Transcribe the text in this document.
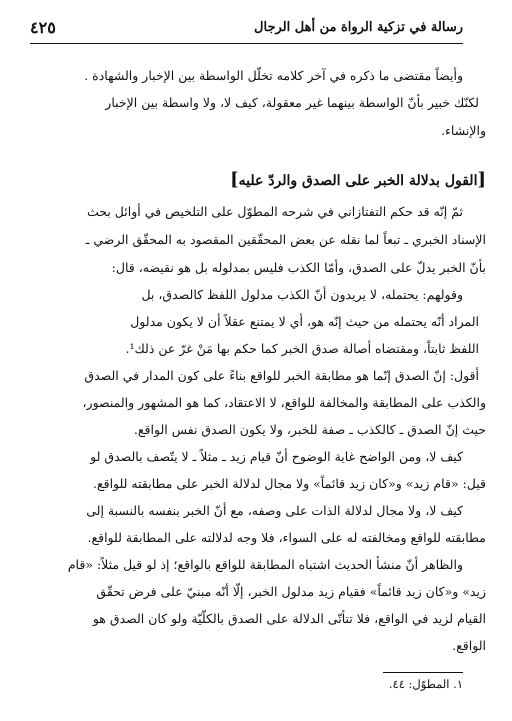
رسالة في تزكية الرواة من أهل الرجال
٤٢٥
وأيضاً مقتضى ما ذكره في آخر كلامه تخلّل الواسطة بين الإخبار والشهادة .
لكنّك خبير بأنّ الواسطة بينهما غير معقولة، كيف لا، ولا واسطة بين الإخبار
والإنشاء.
[القول بدلالة الخبر على الصدق والردّ عليه]
ثمّ إنّه قد حكم التفتازاني في شرحه المطوّل على التلخيص في أوائل بحث
الإسناد الخبري ـ تبعاً لما نقله عن بعض المحقّقين المقصود به المحقّق الرضي ـ
بأنّ الخبر يدلّ على الصدق، وأمّا الكذب فليس بمدلوله بل هو نقيضه، قال:
وقولهم: يحتمله، لا يريدون أنّ الكذب مدلول اللفظ كالصدق، بل
المراد أنّه يحتمله من حيث إنّه هو، أي لا يمتنع عقلاً أن لا يكون مدلول
اللفظ ثابتاً، ومقتضاه أصالة صدق الخبر كما حكم بها مَنْ غرّ عن ذلك¹.
أقول: إنّ الصدق إنّما هو مطابقة الخبر للواقع بناءً على كون المدار في الصدق
والكذب على المطابقة والمخالفة للواقع، لا الاعتقاد، كما هو المشهور والمنصور،
حيث إنّ الصدق ـ كالكذب ـ صفة للخبر، ولا يكون الصدق نفس الواقع.
كيف لا، ومن الواضح غاية الوضوح أنّ قيام زيد ـ مثلاً ـ لا يتّصف بالصدق لو
قيل: «قام زيد» و«كان زيد قائماً» ولا مجال لدلالة الخبر على مطابقته للواقع.
كيف لا، ولا مجال لدلالة الذات على وصفه، مع أنّ الخبر بنفسه بالنسبة إلى
مطابقته للواقع ومخالفته له على السواء، فلا وجه لدلالته على المطابقة للواقع.
والظاهر أنّ منشأ الحديث اشتباه المطابقة للواقع بالواقع؛ إذ لو قيل مثلاً: «قام
زيد» و«كان زيد قائماً» فقيام زيد مدلول الخبر، إلّا أنّه مبنيّ على فرض تحقّق
القيام لزيد في الواقع، فلا تتأتّى الدلالة على الصدق بالكلّيّة ولو كان الصدق هو
الواقع.
١. المطوّل: ٤٤.
